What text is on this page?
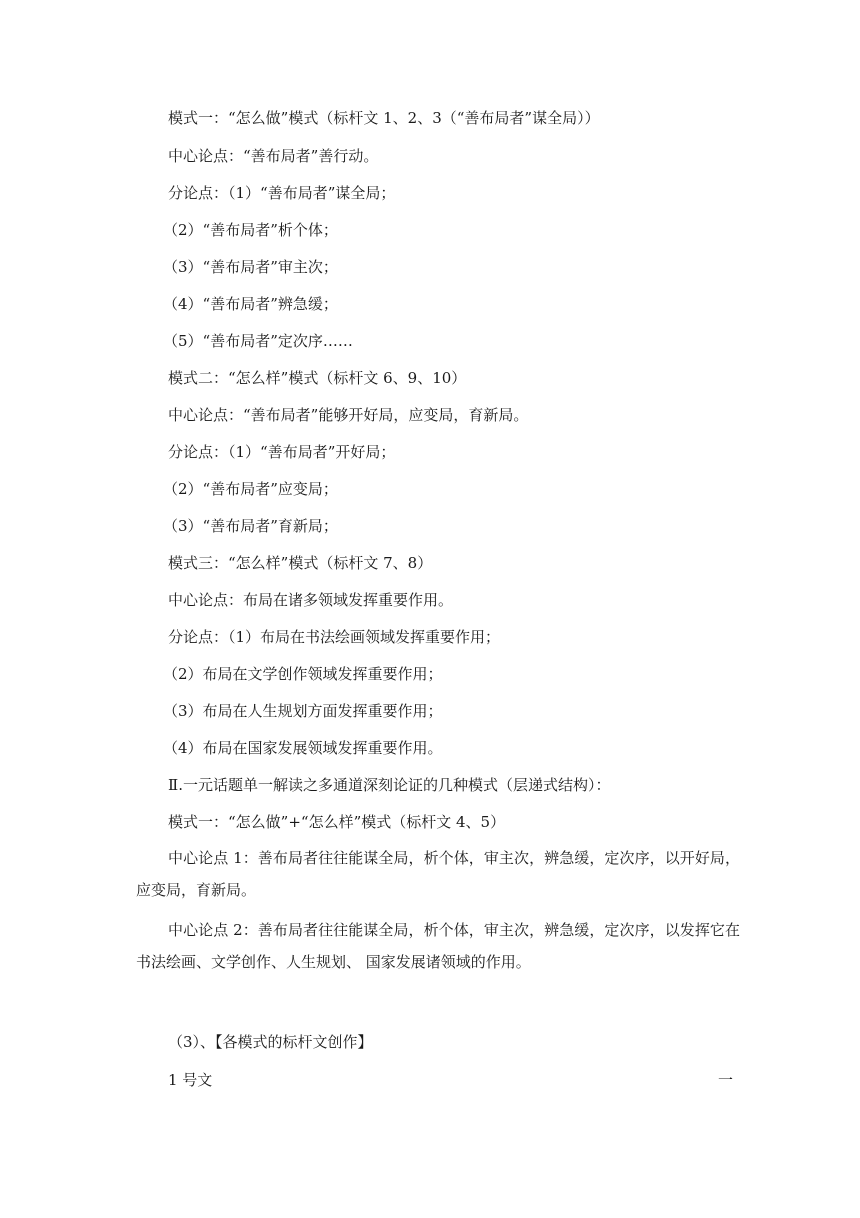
模式一：“怎么做”模式（标杆文 1、2、3（“善布局者”谋全局））
中心论点：“善布局者”善行动。
分论点：（1）“善布局者”谋全局；
（2）“善布局者”析个体；
（3）“善布局者”审主次；
（4）“善布局者”辨急缓；
（5）“善布局者”定次序……
模式二：“怎么样”模式（标杆文 6、9、10）
中心论点：“善布局者”能够开好局，应变局，育新局。
分论点：（1）“善布局者”开好局；
（2）“善布局者”应变局；
（3）“善布局者”育新局；
模式三：“怎么样”模式（标杆文 7、8）
中心论点：布局在诸多领域发挥重要作用。
分论点：（1）布局在书法绘画领域发挥重要作用；
（2）布局在文学创作领域发挥重要作用；
（3）布局在人生规划方面发挥重要作用；
（4）布局在国家发展领域发挥重要作用。
Ⅱ.一元话题单一解读之多通道深刻论证的几种模式（层递式结构）：
模式一：“怎么做”+“怎么样”模式（标杆文 4、5）
中心论点 1：善布局者往往能谋全局，析个体，审主次，辨急缓，定次序，以开好局，应变局，育新局。
中心论点 2：善布局者往往能谋全局，析个体，审主次，辨急缓，定次序，以发挥它在书法绘画、文学创作、人生规划、 国家发展诸领域的作用。
（3）、【各模式的标杆文创作】
1 号文	一
